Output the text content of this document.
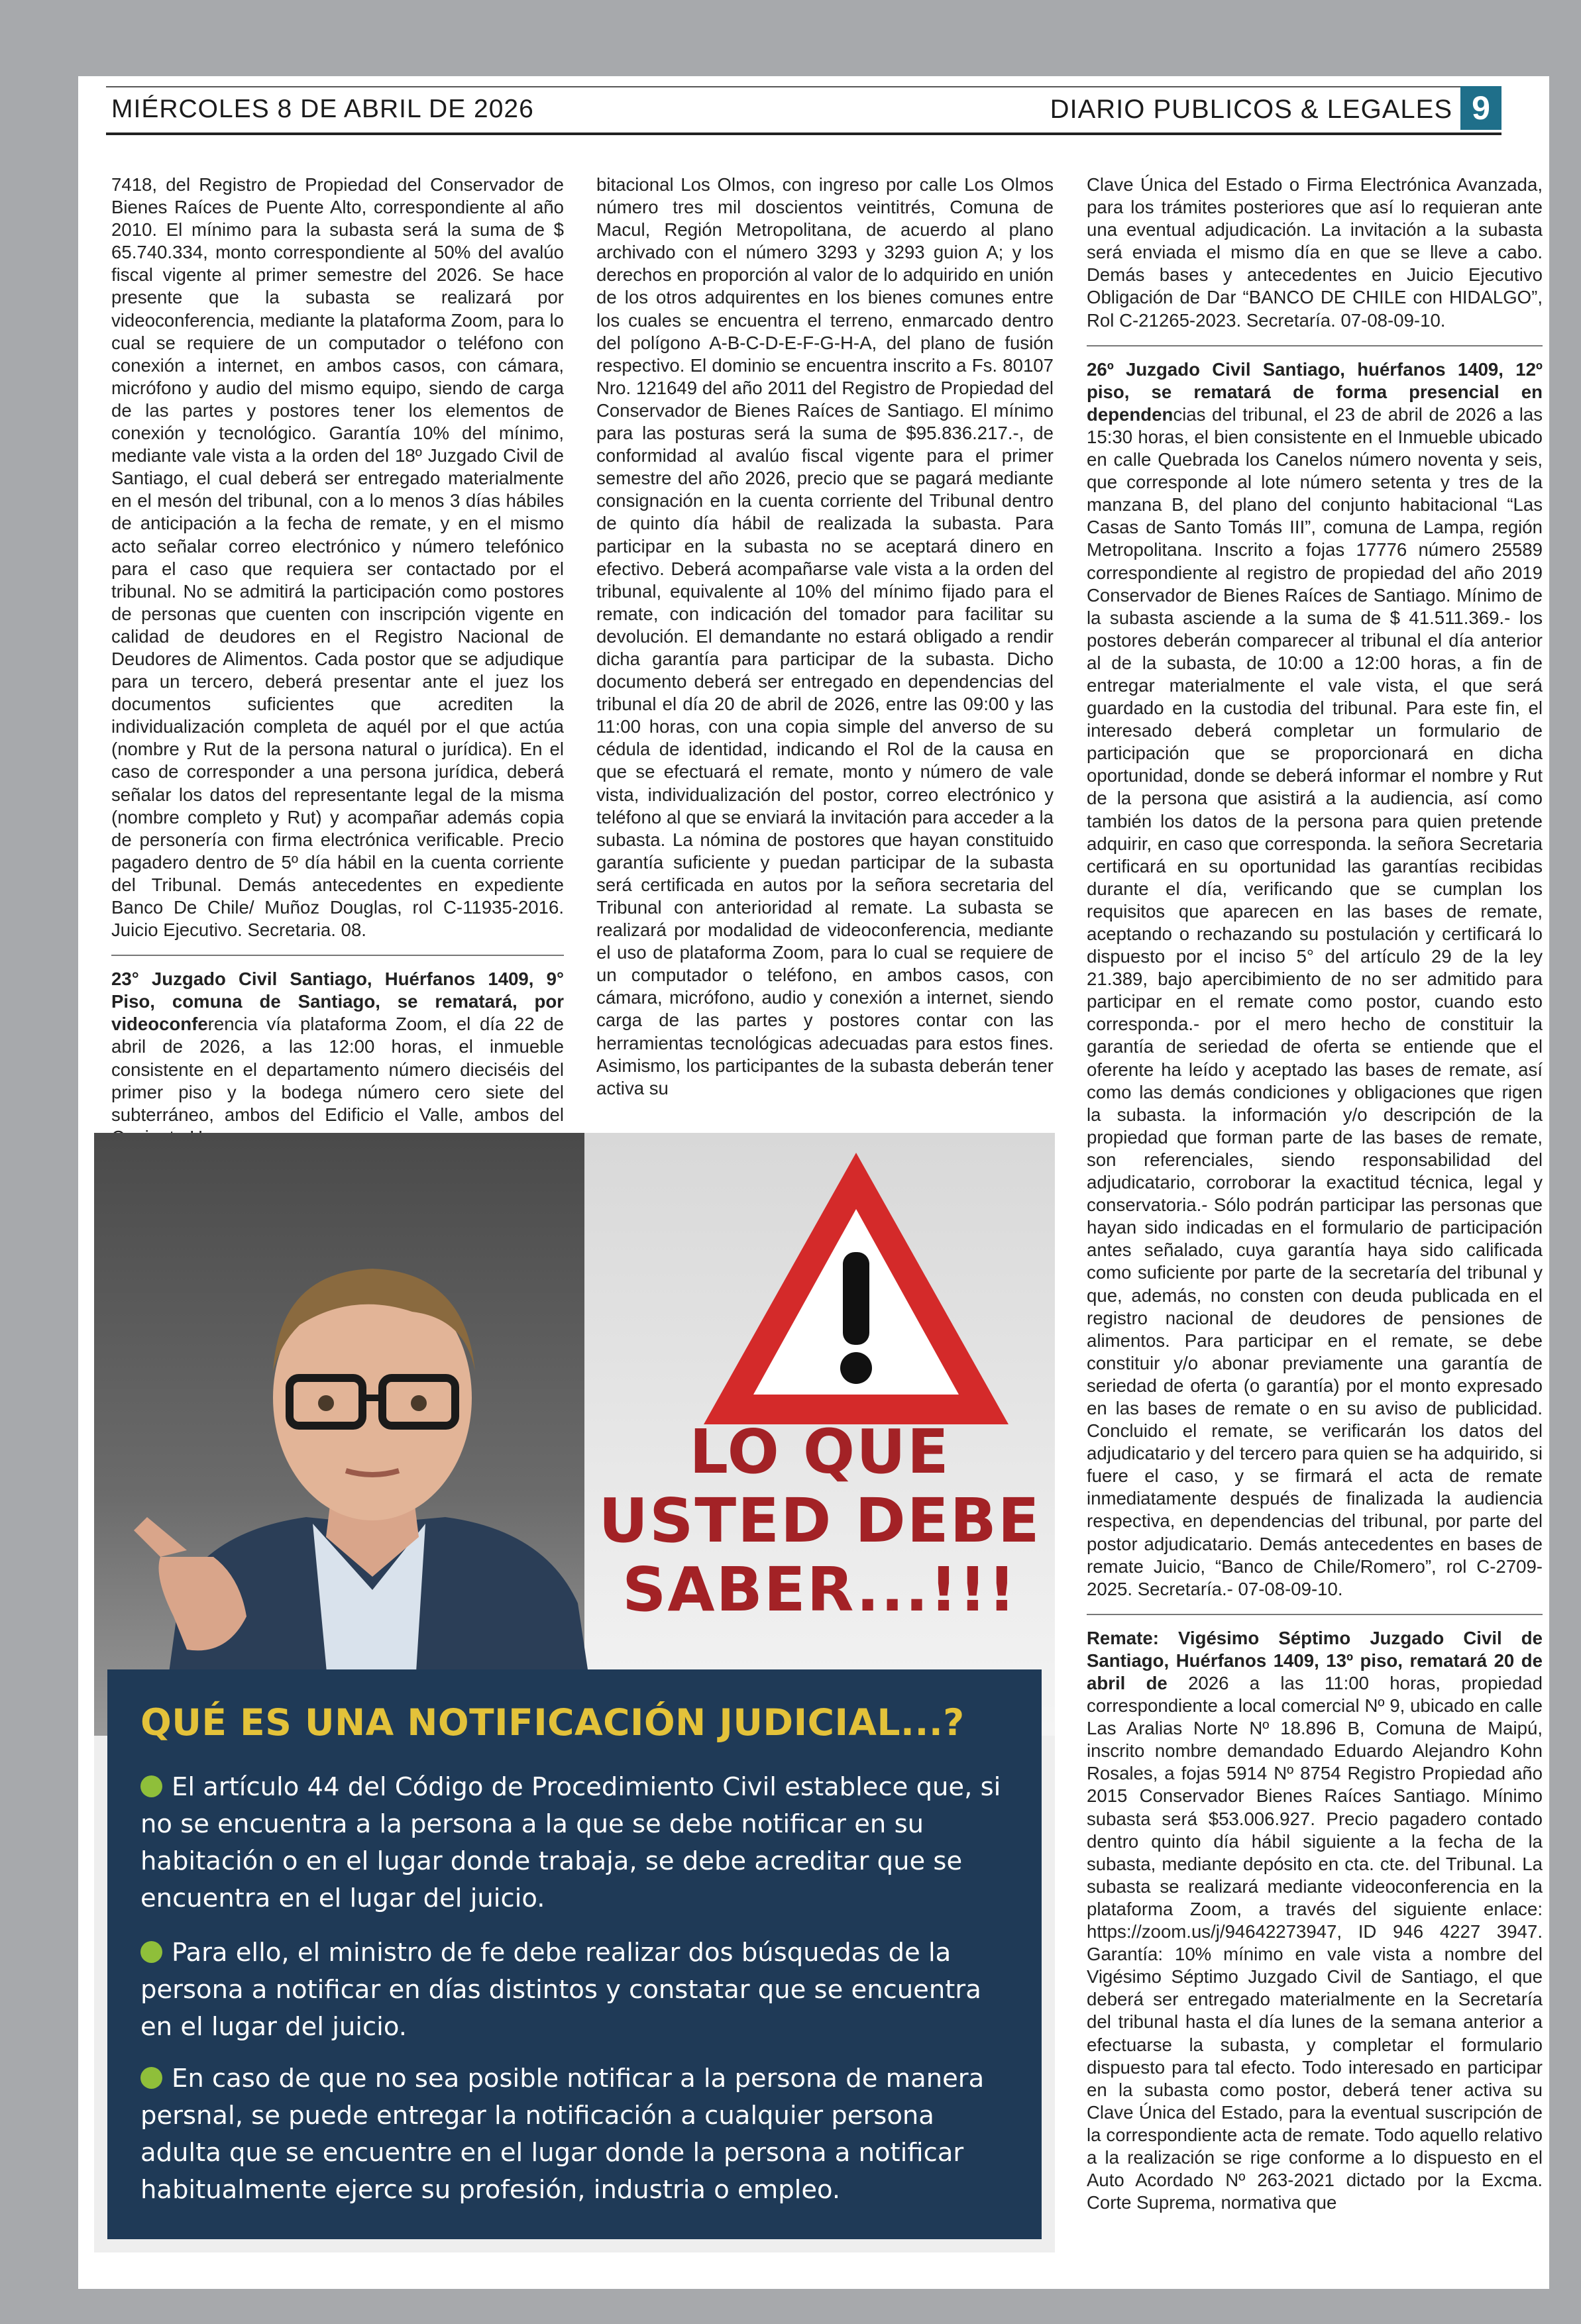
MIÉRCOLES 8 DE ABRIL DE 2026	DIARIO PUBLICOS & LEGALES 9

7418, del Registro de Propiedad del Conservador de Bienes Raíces de Puente Alto, correspondiente al año 2010. El mínimo para la subasta será la suma de $ 65.740.334, monto correspondiente al 50% del avalúo fiscal vigente al primer semestre del 2026. Se hace presente que la subasta se realizará por videoconferencia, mediante la plataforma Zoom, para lo cual se requiere de un computador o teléfono con conexión a internet, en ambos casos, con cámara, micrófono y audio del mismo equipo, siendo de carga de las partes y postores tener los elementos de conexión y tecnológico. Garantía 10% del mínimo, mediante vale vista a la orden del 18º Juzgado Civil de Santiago, el cual deberá ser entregado materialmente en el mesón del tribunal, con a lo menos 3 días hábiles de anticipación a la fecha de remate, y en el mismo acto señalar correo electrónico y número telefónico para el caso que requiera ser contactado por el tribunal. No se admitirá la participación como postores de personas que cuenten con inscripción vigente en calidad de deudores en el Registro Nacional de Deudores de Alimentos. Cada postor que se adjudique para un tercero, deberá presentar ante el juez los documentos suficientes que acrediten la individualización completa de aquél por el que actúa (nombre y Rut de la persona natural o jurídica). En el caso de corresponder a una persona jurídica, deberá señalar los datos del representante legal de la misma (nombre completo y Rut) y acompañar además copia de personería con firma electrónica verificable. Precio pagadero dentro de 5º día hábil en la cuenta corriente del Tribunal. Demás antecedentes en expediente Banco De Chile/ Muñoz Douglas, rol C-11935-2016. Juicio Ejecutivo. Secretaria. 08.

23° Juzgado Civil Santiago, Huérfanos 1409, 9° Piso, comuna de Santiago, se rematará, por videoconferencia vía plataforma Zoom, el día 22 de abril de 2026, a las 12:00 horas, el inmueble consistente en el departamento número dieciséis del primer piso y la bodega número cero siete del subterráneo, ambos del Edificio el Valle, ambos del

bitacional Los Olmos, con ingreso por calle Los Olmos número tres mil doscientos veintitrés, Comuna de Macul, Región Metropolitana, de acuerdo al plano archivado con el número 3293 y 3293 guion A; y los derechos en proporción al valor de lo adquirido en unión de los otros adquirentes en los bienes comunes entre los cuales se encuentra el terreno, enmarcado dentro del polígono A-B-C-D-E-F-G-H-A, del plano de fusión respectivo. El dominio se encuentra inscrito a Fs. 80107 Nro. 121649 del año 2011 del Registro de Propiedad del Conservador de Bienes Raíces de Santiago. El mínimo para las posturas será la suma de $95.836.217.-, de conformidad al avalúo fiscal vigente para el primer semestre del año 2026, precio que se pagará mediante consignación en la cuenta corriente del Tribunal dentro de quinto día hábil de realizada la subasta. Para participar en la subasta no se aceptará dinero en efectivo. Deberá acompañarse vale vista a la orden del tribunal, equivalente al 10% del mínimo fijado para el remate, con indicación del tomador para facilitar su devolución. El demandante no estará obligado a rendir dicha garantía para participar de la subasta. Dicho documento deberá ser entregado en dependencias del tribunal el día 20 de abril de 2026, entre las 09:00 y las 11:00 horas, con una copia simple del anverso de su cédula de identidad, indicando el Rol de la causa en que se efectuará el remate, monto y número de vale vista, individualización del postor, correo electrónico y teléfono al que se enviará la invitación para acceder a la subasta. La nómina de postores que hayan constituido garantía suficiente y puedan participar de la subasta será certificada en autos por la señora secretaria del Tribunal con anterioridad al remate. La subasta se realizará por modalidad de videoconferencia, mediante el uso de plataforma Zoom, para lo cual se requiere de un computador o teléfono, en ambos casos, con cámara, micrófono, audio y conexión a internet, siendo carga de las partes y postores contar con las herramientas tecnológicas adecuadas para estos fines. Asimismo, los participantes de la subasta deberán tener activa su

Clave Única del Estado o Firma Electrónica Avanzada, para los trámites posteriores que así lo requieran ante una eventual adjudicación. La invitación a la subasta será enviada el mismo día en que se lleve a cabo. Demás bases y antecedentes en Juicio Ejecutivo Obligación de Dar “BANCO DE CHILE con HIDALGO”, Rol C-21265-2023. Secretaría. 07-08-09-10.

26º Juzgado Civil Santiago, huérfanos 1409, 12º piso, se rematará de forma presencial en dependencias del tribunal, el 23 de abril de 2026 a las 15:30 horas, el bien consistente en el Inmueble ubicado en calle Quebrada los Canelos número noventa y seis, que corresponde al lote número setenta y tres de la manzana B, del plano del conjunto habitacional “Las Casas de Santo Tomás III”, comuna de Lampa, región Metropolitana. Inscrito a fojas 17776 número 25589 correspondiente al registro de propiedad del año 2019 Conservador de Bienes Raíces de Santiago. Mínimo de la subasta asciende a la suma de $ 41.511.369.- los postores deberán comparecer al tribunal el día anterior al de la subasta, de 10:00 a 12:00 horas, a fin de entregar materialmente el vale vista, el que será guardado en la custodia del tribunal. Para este fin, el interesado deberá completar un formulario de participación que se proporcionará en dicha oportunidad, donde se deberá informar el nombre y Rut de la persona que asistirá a la audiencia, así como también los datos de la persona para quien pretende adquirir, en caso que corresponda. la señora Secretaria certificará en su oportunidad las garantías recibidas durante el día, verificando que se cumplan los requisitos que aparecen en las bases de remate, aceptando o rechazando su postulación y certificará lo dispuesto por el inciso 5° del artículo 29 de la ley 21.389, bajo apercibimiento de no ser admitido para participar en el remate como postor, cuando esto corresponda.- por el mero hecho de constituir la garantía de seriedad de oferta se entiende que el oferente ha leído y aceptado las bases de remate, así como las demás condiciones y obligaciones que rigen la subasta. la información y/o descripción de la propiedad que forman parte de las bases de remate, son referenciales, siendo responsabilidad del adjudicatario, corroborar la exactitud técnica, legal y conservatoria.- Sólo podrán participar las personas que hayan sido indicadas en el formulario de participación antes señalado, cuya garantía haya sido calificada como suficiente por parte de la secretaría del tribunal y que, además, no consten con deuda publicada en el registro nacional de deudores de pensiones de alimentos. Para participar en el remate, se debe constituir y/o abonar previamente una garantía de seriedad de oferta (o garantía) por el monto expresado en las bases de remate o en su aviso de publicidad. Concluido el remate, se verificarán los datos del adjudicatario y del tercero para quien se ha adquirido, si fuere el caso, y se firmará el acta de remate inmediatamente después de finalizada la audiencia respectiva, en dependencias del tribunal, por parte del postor adjudicatario. Demás antecedentes en bases de remate Juicio, “Banco de Chile/Romero”, rol C-2709- 2025. Secretaría.- 07-08-09-10.

Remate: Vigésimo Séptimo Juzgado Civil de Santiago, Huérfanos 1409, 13º piso, rematará 20 de abril de 2026 a las 11:00 horas, propiedad correspondiente a local comercial Nº 9, ubicado en calle Las Aralias Norte Nº 18.896 B, Comuna de Maipú, inscrito nombre demandado Eduardo Alejandro Kohn Rosales, a fojas 5914 Nº 8754 Registro Propiedad año 2015 Conservador Bienes Raíces Santiago. Mínimo subasta será $53.006.927. Precio pagadero contado dentro quinto día hábil siguiente a la fecha de la subasta, mediante depósito en cta. cte. del Tribunal. La subasta se realizará mediante videoconferencia en la plataforma Zoom, a través del siguiente enlace: https://zoom.us/j/94642273947, ID 946 4227 3947. Garantía: 10% mínimo en vale vista a nombre del Vigésimo Séptimo Juzgado Civil de Santiago, el que deberá ser entregado materialmente en la Secretaría del tribunal hasta el día lunes de la semana anterior a efectuarse la subasta, y completar el formulario dispuesto para tal efecto. Todo interesado en participar en la subasta como postor, deberá tener activa su Clave Única del Estado, para la eventual suscripción de la correspondiente acta de remate. Todo aquello relativo a la realización se rige conforme a lo dispuesto en el Auto Acordado Nº 263-2021 dictado por la Excma. Corte Suprema, normativa que

LO QUE
USTED DEBE
SABER...!!!
QUÉ ES UNA NOTIFICACIÓN JUDICIAL...?
El artículo 44 del Código de Procedimiento Civil establece que, si no se encuentra a la persona a la que se debe notificar en su habitación o en el lugar donde trabaja, se debe acreditar que se encuentra en el lugar del juicio.
Para ello, el ministro de fe debe realizar dos búsquedas de la persona a notificar en días distintos y constatar que se encuentra en el lugar del juicio.
En caso de que no sea posible notificar a la persona de manera persnal, se puede entregar la notificación a cualquier persona adulta que se encuentre en el lugar donde la persona a notificar habitualmente ejerce su profesión, industria o empleo.
